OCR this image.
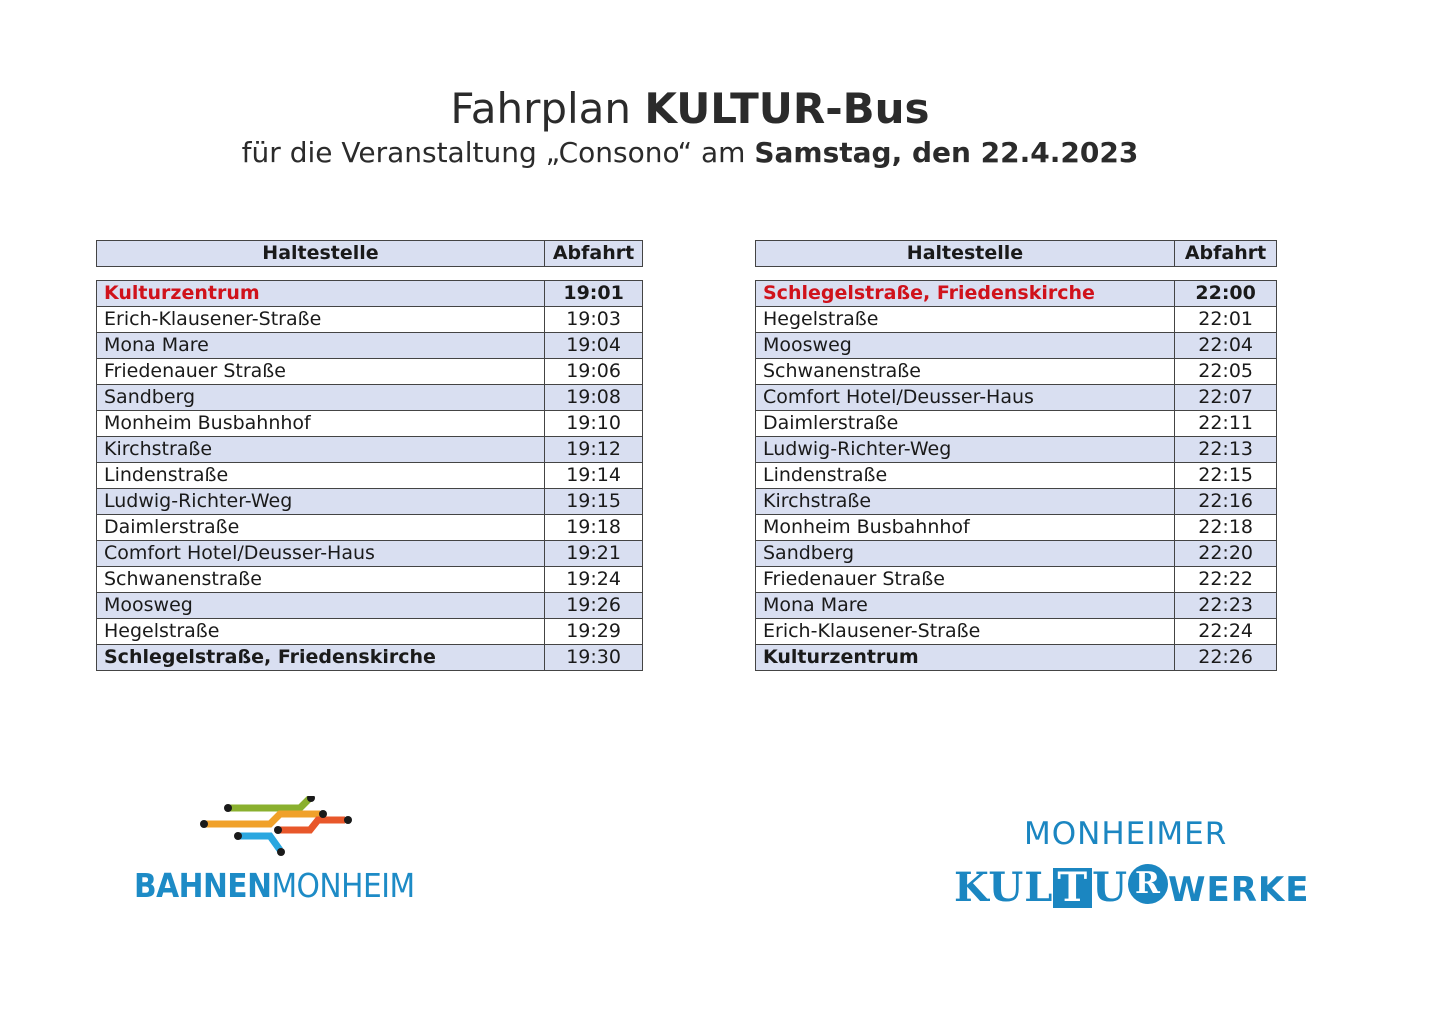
Fahrplan KULTUR-Bus
für die Veranstaltung „Consono“ am Samstag, den 22.4.2023
Haltestelle	Abfahrt
Kulturzentrum	19:01
Erich-Klausener-Straße	19:03
Mona Mare	19:04
Friedenauer Straße	19:06
Sandberg	19:08
Monheim Busbahnhof	19:10
Kirchstraße	19:12
Lindenstraße	19:14
Ludwig-Richter-Weg	19:15
Daimlerstraße	19:18
Comfort Hotel/Deusser-Haus	19:21
Schwanenstraße	19:24
Moosweg	19:26
Hegelstraße	19:29
Schlegelstraße, Friedenskirche	19:30
Haltestelle	Abfahrt
Schlegelstraße, Friedenskirche	22:00
Hegelstraße	22:01
Moosweg	22:04
Schwanenstraße	22:05
Comfort Hotel/Deusser-Haus	22:07
Daimlerstraße	22:11
Ludwig-Richter-Weg	22:13
Lindenstraße	22:15
Kirchstraße	22:16
Monheim Busbahnhof	22:18
Sandberg	22:20
Friedenauer Straße	22:22
Mona Mare	22:23
Erich-Klausener-Straße	22:24
Kulturzentrum	22:26
BAHNENMONHEIM
MONHEIMER
KUL T U R WERKE
